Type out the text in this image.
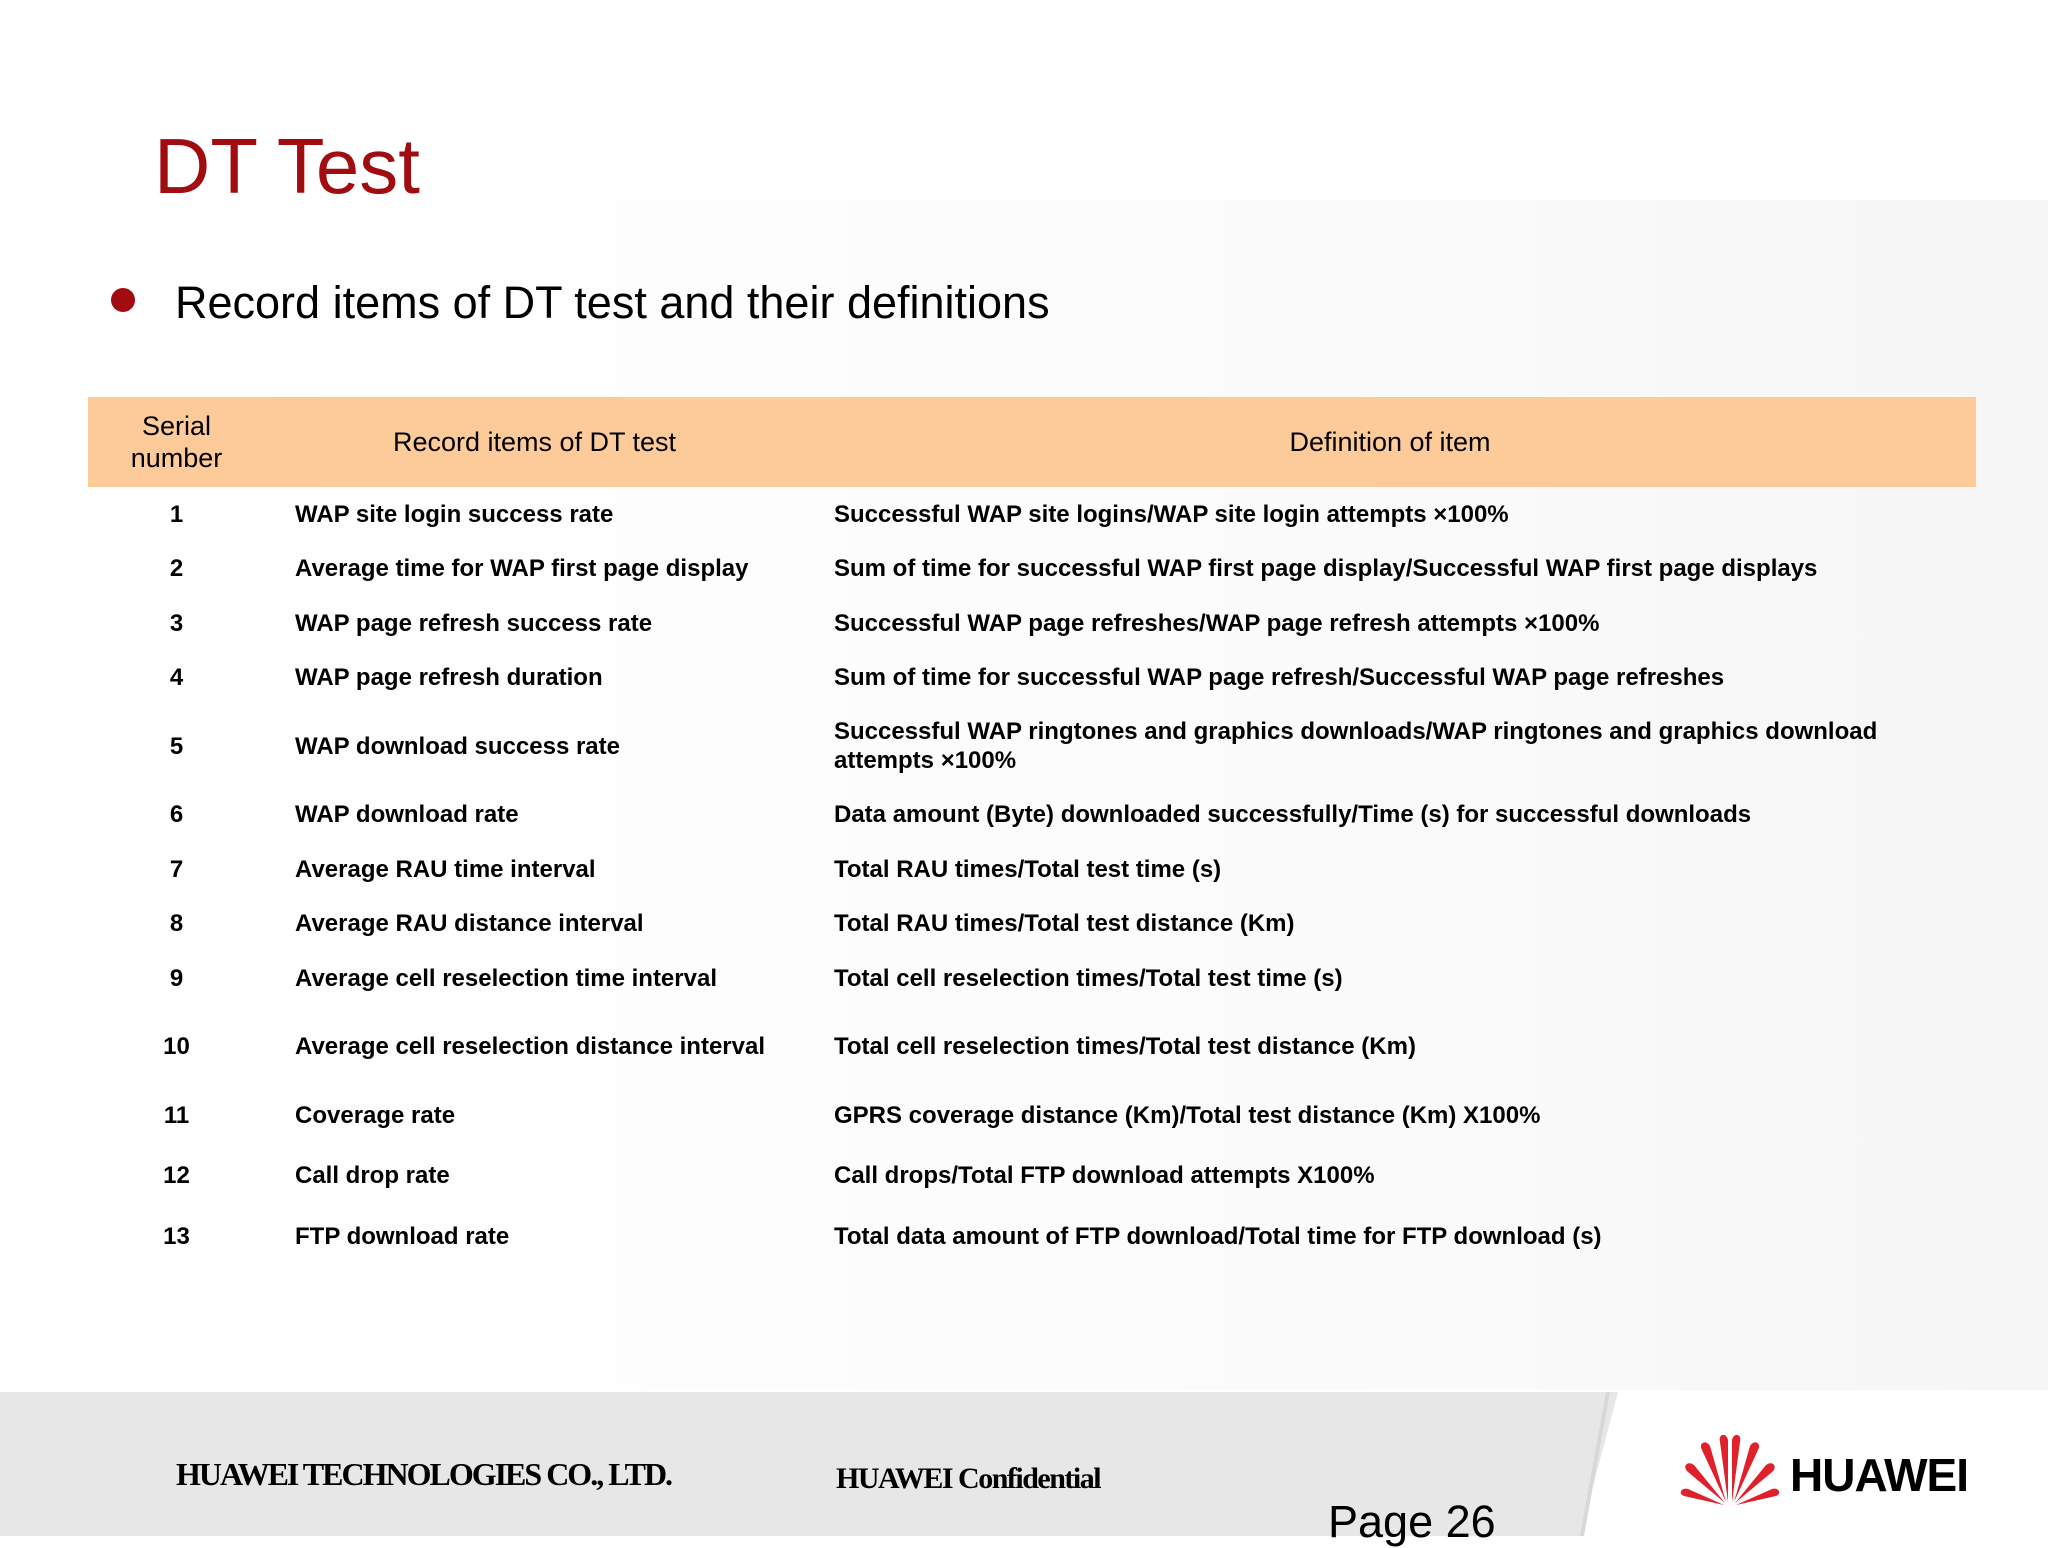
DT Test
Record items of DT test and their definitions
Serial number	Record items of DT test	Definition of item
1	WAP site login success rate	Successful WAP site logins/WAP site login attempts ×100%
2	Average time for WAP first page display	Sum of time for successful WAP first page display/Successful WAP first page displays
3	WAP page refresh success rate	Successful WAP page refreshes/WAP page refresh attempts ×100%
4	WAP page refresh duration	Sum of time for successful WAP page refresh/Successful WAP page refreshes
5	WAP download success rate	Successful WAP ringtones and graphics downloads/WAP ringtones and graphics download attempts ×100%
6	WAP download rate	Data amount (Byte) downloaded successfully/Time (s) for successful downloads
7	Average RAU time interval	Total RAU times/Total test time (s)
8	Average RAU distance interval	Total RAU times/Total test distance (Km)
9	Average cell reselection time interval	Total cell reselection times/Total test time (s)
10	Average cell reselection distance interval	Total cell reselection times/Total test distance (Km)
11	Coverage rate	GPRS coverage distance (Km)/Total test distance (Km) X100%
12	Call drop rate	Call drops/Total FTP download attempts X100%
13	FTP download rate	Total data amount of FTP download/Total time for FTP download (s)
HUAWEI TECHNOLOGIES CO., LTD.	HUAWEI Confidential
Page 26
HUAWEI
